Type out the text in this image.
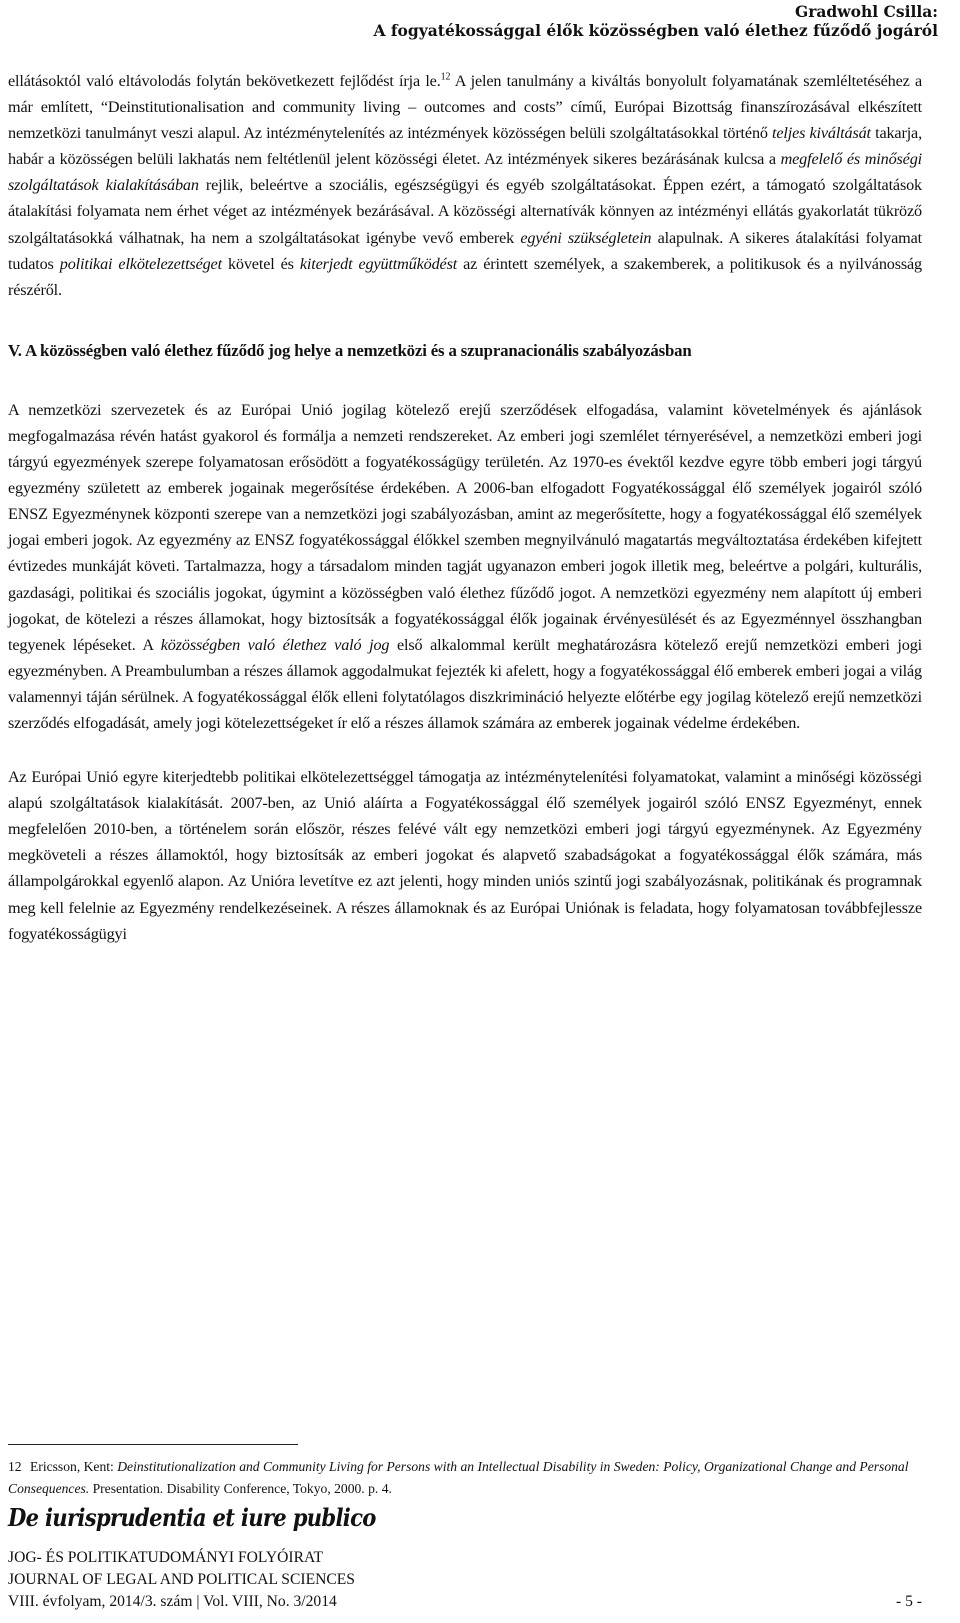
Gradwohl Csilla:
A fogyatékossággal élők közösségben való élethez fűződő jogáról

ellátásoktól való eltávolodás folytán bekövetkezett fejlődést írja le.$^{12}$ A jelen tanulmány a kiváltás bonyolult folyamatának szemléltetéséhez a már említett, “Deinstitutionalisation and community living – outcomes and costs” című, Európai Bizottság finanszírozásával elkészített nemzetközi tanulmányt veszi alapul. Az intézménytelenítés az intézmények közösségen belüli szolgáltatásokkal történő teljes kiváltását takarja, habár a közösségen belüli lakhatás nem feltétlenül jelent közösségi életet. Az intézmények sikeres bezárásának kulcsa a megfelelő és minőségi szolgáltatások kialakításában rejlik, beleértve a szociális, egészségügyi és egyéb szolgáltatásokat. Éppen ezért, a támogató szolgáltatások átalakítási folyamata nem érhet véget az intézmények bezárásával. A közösségi alternatívák könnyen az intézményi ellátás gyakorlatát tükröző szolgáltatásokká válhatnak, ha nem a szolgáltatásokat igénybe vevő emberek egyéni szükségletein alapulnak. A sikeres átalakítási folyamat tudatos politikai elkötelezettséget követel és kiterjedt együttműködést az érintett személyek, a szakemberek, a politikusok és a nyilvánosság részéről.

V. A közösségben való élethez fűződő jog helye a nemzetközi és a szupranacionális szabályozásban

A nemzetközi szervezetek és az Európai Unió jogilag kötelező erejű szerződések elfogadása, valamint követelmények és ajánlások megfogalmazása révén hatást gyakorol és formálja a nemzeti rendszereket. Az emberi jogi szemlélet térnyerésével, a nemzetközi emberi jogi tárgyú egyezmények szerepe folyamatosan erősödött a fogyatékosságügy területén. Az 1970-es évektől kezdve egyre több emberi jogi tárgyú egyezmény született az emberek jogainak megerősítése érdekében. A 2006-ban elfogadott Fogyatékossággal élő személyek jogairól szóló ENSZ Egyezménynek központi szerepe van a nemzetközi jogi szabályozásban, amint az megerősítette, hogy a fogyatékossággal élő személyek jogai emberi jogok. Az egyezmény az ENSZ fogyatékossággal élőkkel szemben megnyilvánuló magatartás megváltoztatása érdekében kifejtett évtizedes munkáját követi. Tartalmazza, hogy a társadalom minden tagját ugyanazon emberi jogok illetik meg, beleértve a polgári, kulturális, gazdasági, politikai és szociális jogokat, úgymint a közösségben való élethez fűződő jogot. A nemzetközi egyezmény nem alapított új emberi jogokat, de kötelezi a részes államokat, hogy biztosítsák a fogyatékossággal élők jogainak érvényesülését és az Egyezménnyel összhangban tegyenek lépéseket. A közösségben való élethez való jog első alkalommal került meghatározásra kötelező erejű nemzetközi emberi jogi egyezményben. A Preambulumban a részes államok aggodalmukat fejezték ki afelett, hogy a fogyatékossággal élő emberek emberi jogai a világ valamennyi táján sérülnek. A fogyatékossággal élők elleni folytatólagos diszkrimináció helyezte előtérbe egy jogilag kötelező erejű nemzetközi szerződés elfogadását, amely jogi kötelezettségeket ír elő a részes államok számára az emberek jogainak védelme érdekében.

Az Európai Unió egyre kiterjedtebb politikai elkötelezettséggel támogatja az intézménytelenítési folyamatokat, valamint a minőségi közösségi alapú szolgáltatások kialakítását. 2007-ben, az Unió aláírta a Fogyatékossággal élő személyek jogairól szóló ENSZ Egyezményt, ennek megfelelően 2010-ben, a történelem során először, részes felévé vált egy nemzetközi emberi jogi tárgyú egyezménynek. Az Egyezmény megköveteli a részes államoktól, hogy biztosítsák az emberi jogokat és alapvető szabadságokat a fogyatékossággal élők számára, más állampolgárokkal egyenlő alapon. Az Unióra levetítve ez azt jelenti, hogy minden uniós szintű jogi szabályozásnak, politikának és programnak meg kell felelnie az Egyezmény rendelkezéseinek. A részes államoknak és az Európai Uniónak is feladata, hogy folyamatosan továbbfejlessze fogyatékosságügyi

12 Ericsson, Kent: Deinstitutionalization and Community Living for Persons with an Intellectual Disability in Sweden: Policy, Organizational Change and Personal Consequences. Presentation. Disability Conference, Tokyo, 2000. p. 4.
De iurisprudentia et iure publico
JOG- ÉS POLITIKATUDOMÁNYI FOLYÓIRAT
JOURNAL OF LEGAL AND POLITICAL SCIENCES
VIII. évfolyam, 2014/3. szám | Vol. VIII, No. 3/2014	- 5 -
